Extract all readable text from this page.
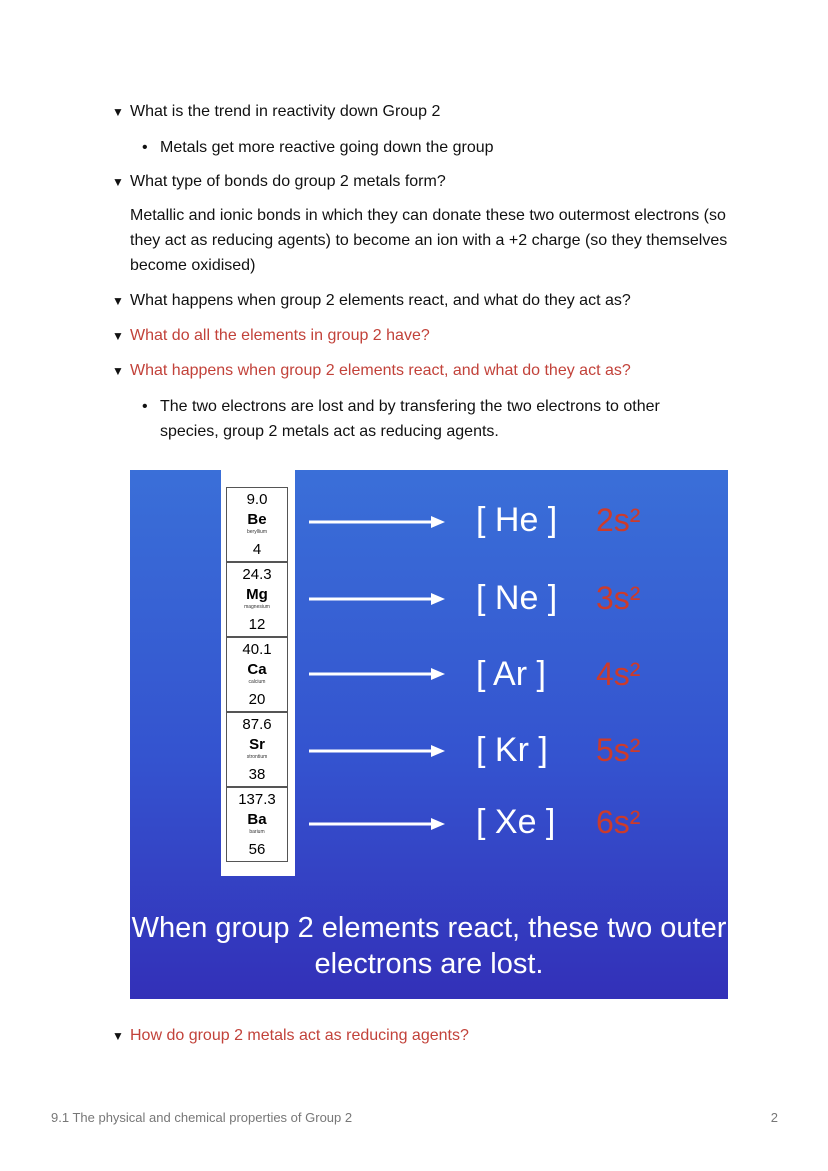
▼ What is the trend in reactivity down Group 2
• Metals get more reactive going down the group
▼ What type of bonds do group 2 metals form?
Metallic and ionic bonds in which they can donate these two outermost electrons (so they act as reducing agents) to become an ion with a +2 charge (so they themselves become oxidised)
▼ What happens when group 2 elements react, and what do they act as?
▼ What do all the elements in group 2 have?
▼ What happens when group 2 elements react, and what do they act as?
• The two electrons are lost and by transfering the two electrons to other species, group 2 metals act as reducing agents.
9.0
Be
beryllium
4
24.3
Mg
magnesium
12
40.1
Ca
calcium
20
87.6
Sr
strontium
38
137.3
Ba
barium
56
[ He ] 2s²
[ Ne ] 3s²
[ Ar ] 4s²
[ Kr ] 5s²
[ Xe ] 6s²
When group 2 elements react, these two outer electrons are lost.
▼ How do group 2 metals act as reducing agents?
9.1 The physical and chemical properties of Group 2	2
